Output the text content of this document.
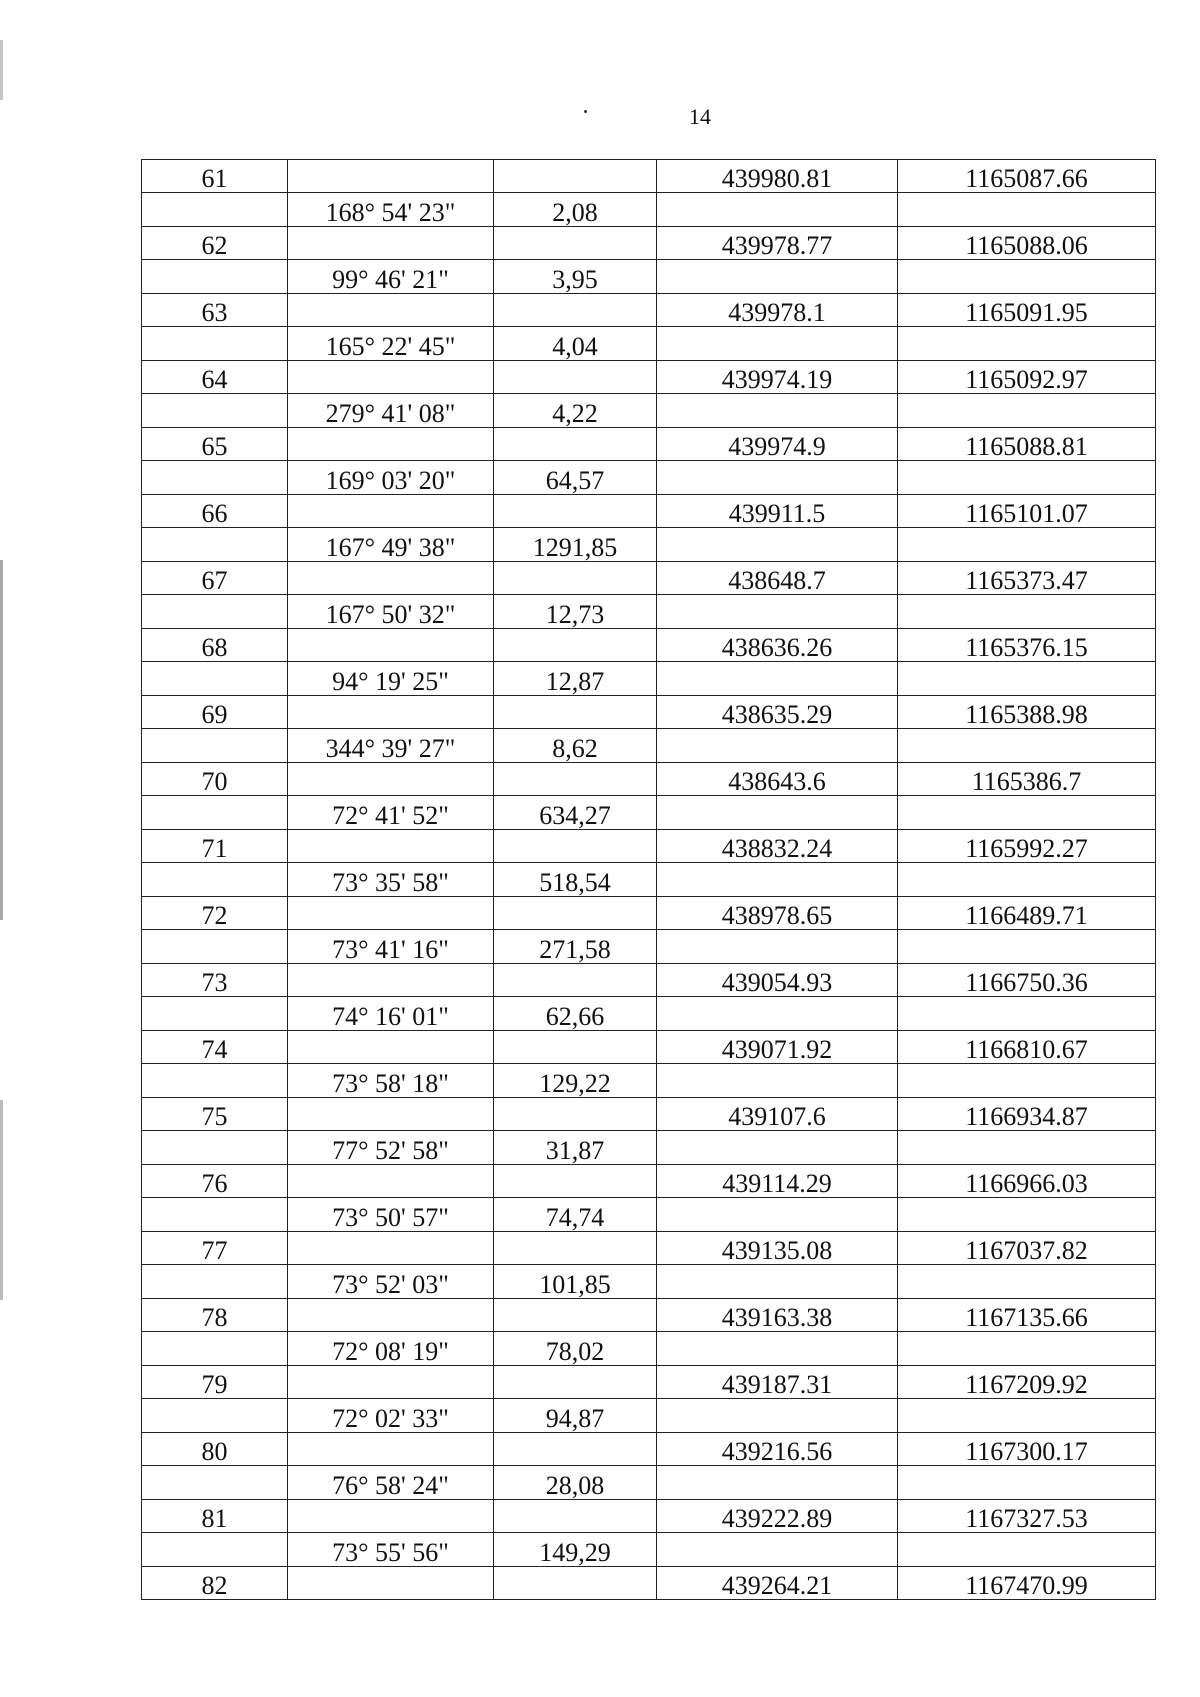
14
61			439980.81	1165087.66
	168° 54' 23"	2,08		
62			439978.77	1165088.06
	99° 46' 21"	3,95		
63			439978.1	1165091.95
	165° 22' 45"	4,04		
64			439974.19	1165092.97
	279° 41' 08"	4,22		
65			439974.9	1165088.81
	169° 03' 20"	64,57		
66			439911.5	1165101.07
	167° 49' 38"	1291,85		
67			438648.7	1165373.47
	167° 50' 32"	12,73		
68			438636.26	1165376.15
	94° 19' 25"	12,87		
69			438635.29	1165388.98
	344° 39' 27"	8,62		
70			438643.6	1165386.7
	72° 41' 52"	634,27		
71			438832.24	1165992.27
	73° 35' 58"	518,54		
72			438978.65	1166489.71
	73° 41' 16"	271,58		
73			439054.93	1166750.36
	74° 16' 01"	62,66		
74			439071.92	1166810.67
	73° 58' 18"	129,22		
75			439107.6	1166934.87
	77° 52' 58"	31,87		
76			439114.29	1166966.03
	73° 50' 57"	74,74		
77			439135.08	1167037.82
	73° 52' 03"	101,85		
78			439163.38	1167135.66
	72° 08' 19"	78,02		
79			439187.31	1167209.92
	72° 02' 33"	94,87		
80			439216.56	1167300.17
	76° 58' 24"	28,08		
81			439222.89	1167327.53
	73° 55' 56"	149,29		
82			439264.21	1167470.99
